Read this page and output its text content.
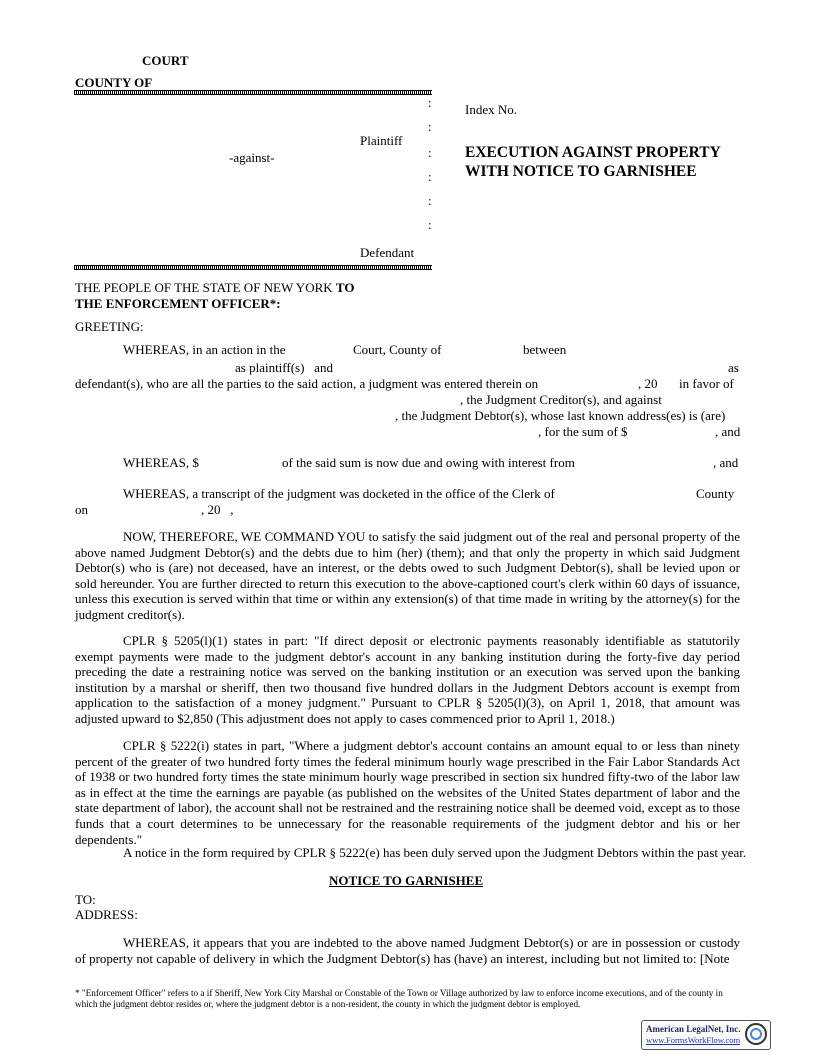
COURT
COUNTY OF
:
:
:
:
:
:
Index No.
Plaintiff
-against-	EXECUTION AGAINST PROPERTY
WITH NOTICE TO GARNISHEE
Defendant
THE PEOPLE OF THE STATE OF NEW YORK TO
THE ENFORCEMENT OFFICER*:
GREETING:
WHEREAS, in an action in the	Court, County of	between
as plaintiff(s)   and	as
defendant(s), who are all the parties to the said action, a judgment was entered therein on	, 20 in favor of
, the Judgment Creditor(s), and against
, the Judgment Debtor(s), whose last known address(es) is (are)
, for the sum of $	, and
WHEREAS, $	of the said sum is now due and owing with interest from	, and
WHEREAS, a transcript of the judgment was docketed in the office of the Clerk of	County
on	, 20   ,
NOW, THEREFORE, WE COMMAND YOU to satisfy the said judgment out of the real and personal property of the above named Judgment Debtor(s) and the debts due to him (her) (them); and that only the property in which said Judgment Debtor(s) who is (are) not deceased, have an interest, or the debts owed to such Judgment Debtor(s), shall be levied upon or sold hereunder. You are further directed to return this execution to the above-captioned court's clerk within 60 days of issuance, unless this execution is served within that time or within any extension(s) of that time made in writing by the attorney(s) for the judgment creditor(s).
CPLR § 5205(l)(1) states in part: "If direct deposit or electronic payments reasonably identifiable as statutorily exempt payments were made to the judgment debtor's account in any banking institution during the forty-five day period preceding the date a restraining notice was served on the banking institution or an execution was served upon the banking institution by a marshal or sheriff, then two thousand five hundred dollars in the Judgment Debtors account is exempt from application to the satisfaction of a money judgment." Pursuant to CPLR § 5205(l)(3), on April 1, 2018, that amount was adjusted upward to $2,850 (This adjustment does not apply to cases commenced prior to April 1, 2018.)
CPLR § 5222(i) states in part, "Where a judgment debtor's account contains an amount equal to or less than ninety percent of the greater of two hundred forty times the federal minimum hourly wage prescribed in the Fair Labor Standards Act of 1938 or two hundred forty times the state minimum hourly wage prescribed in section six hundred fifty-two of the labor law as in effect at the time the earnings are payable (as published on the websites of the United States department of labor and the state department of labor), the account shall not be restrained and the restraining notice shall be deemed void, except as to those funds that a court determines to be unnecessary for the reasonable requirements of the judgment debtor and his or her dependents."
A notice in the form required by CPLR § 5222(e) has been duly served upon the Judgment Debtors within the past year.
NOTICE TO GARNISHEE
TO:
ADDRESS:
WHEREAS, it appears that you are indebted to the above named Judgment Debtor(s) or are in possession or custody of property not capable of delivery in which the Judgment Debtor(s) has (have) an interest, including but not limited to: [Note
* "Enforcement Officer" refers to a if Sheriff, New York City Marshal or Constable of the Town or Village authorized by law to enforce income executions, and of the county in which the judgment debtor resides or, where the judgment debtor is a non-resident, the county in which the judgment debtor is employed.
American LegalNet, Inc.
www.FormsWorkFlow.com
